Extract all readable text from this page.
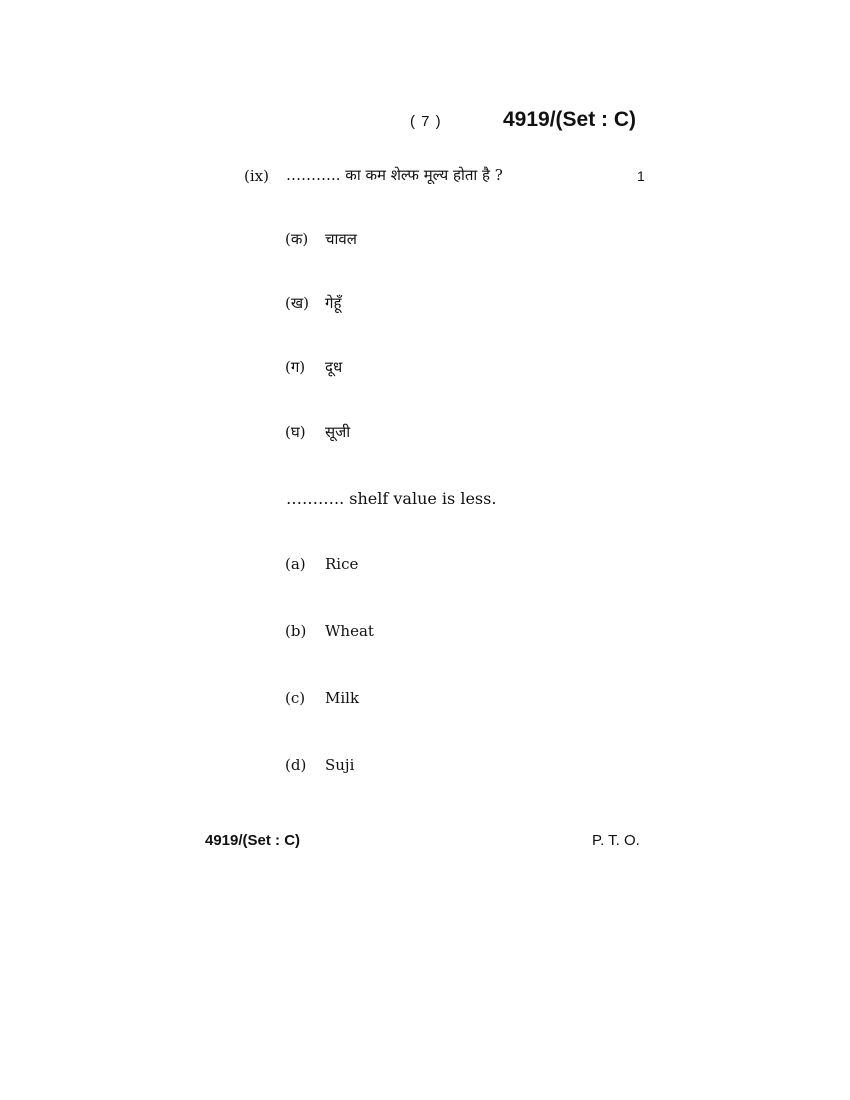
( 7 )	4919/(Set : C)
(ix) ……….. का कम शेल्फ मूल्य होता है ?	1
(क) चावल
(ख) गेहूँ
(ग) दूध
(घ) सूजी
……….. shelf value is less.
(a) Rice
(b) Wheat
(c) Milk
(d) Suji
4919/(Set : C)	P. T. O.
